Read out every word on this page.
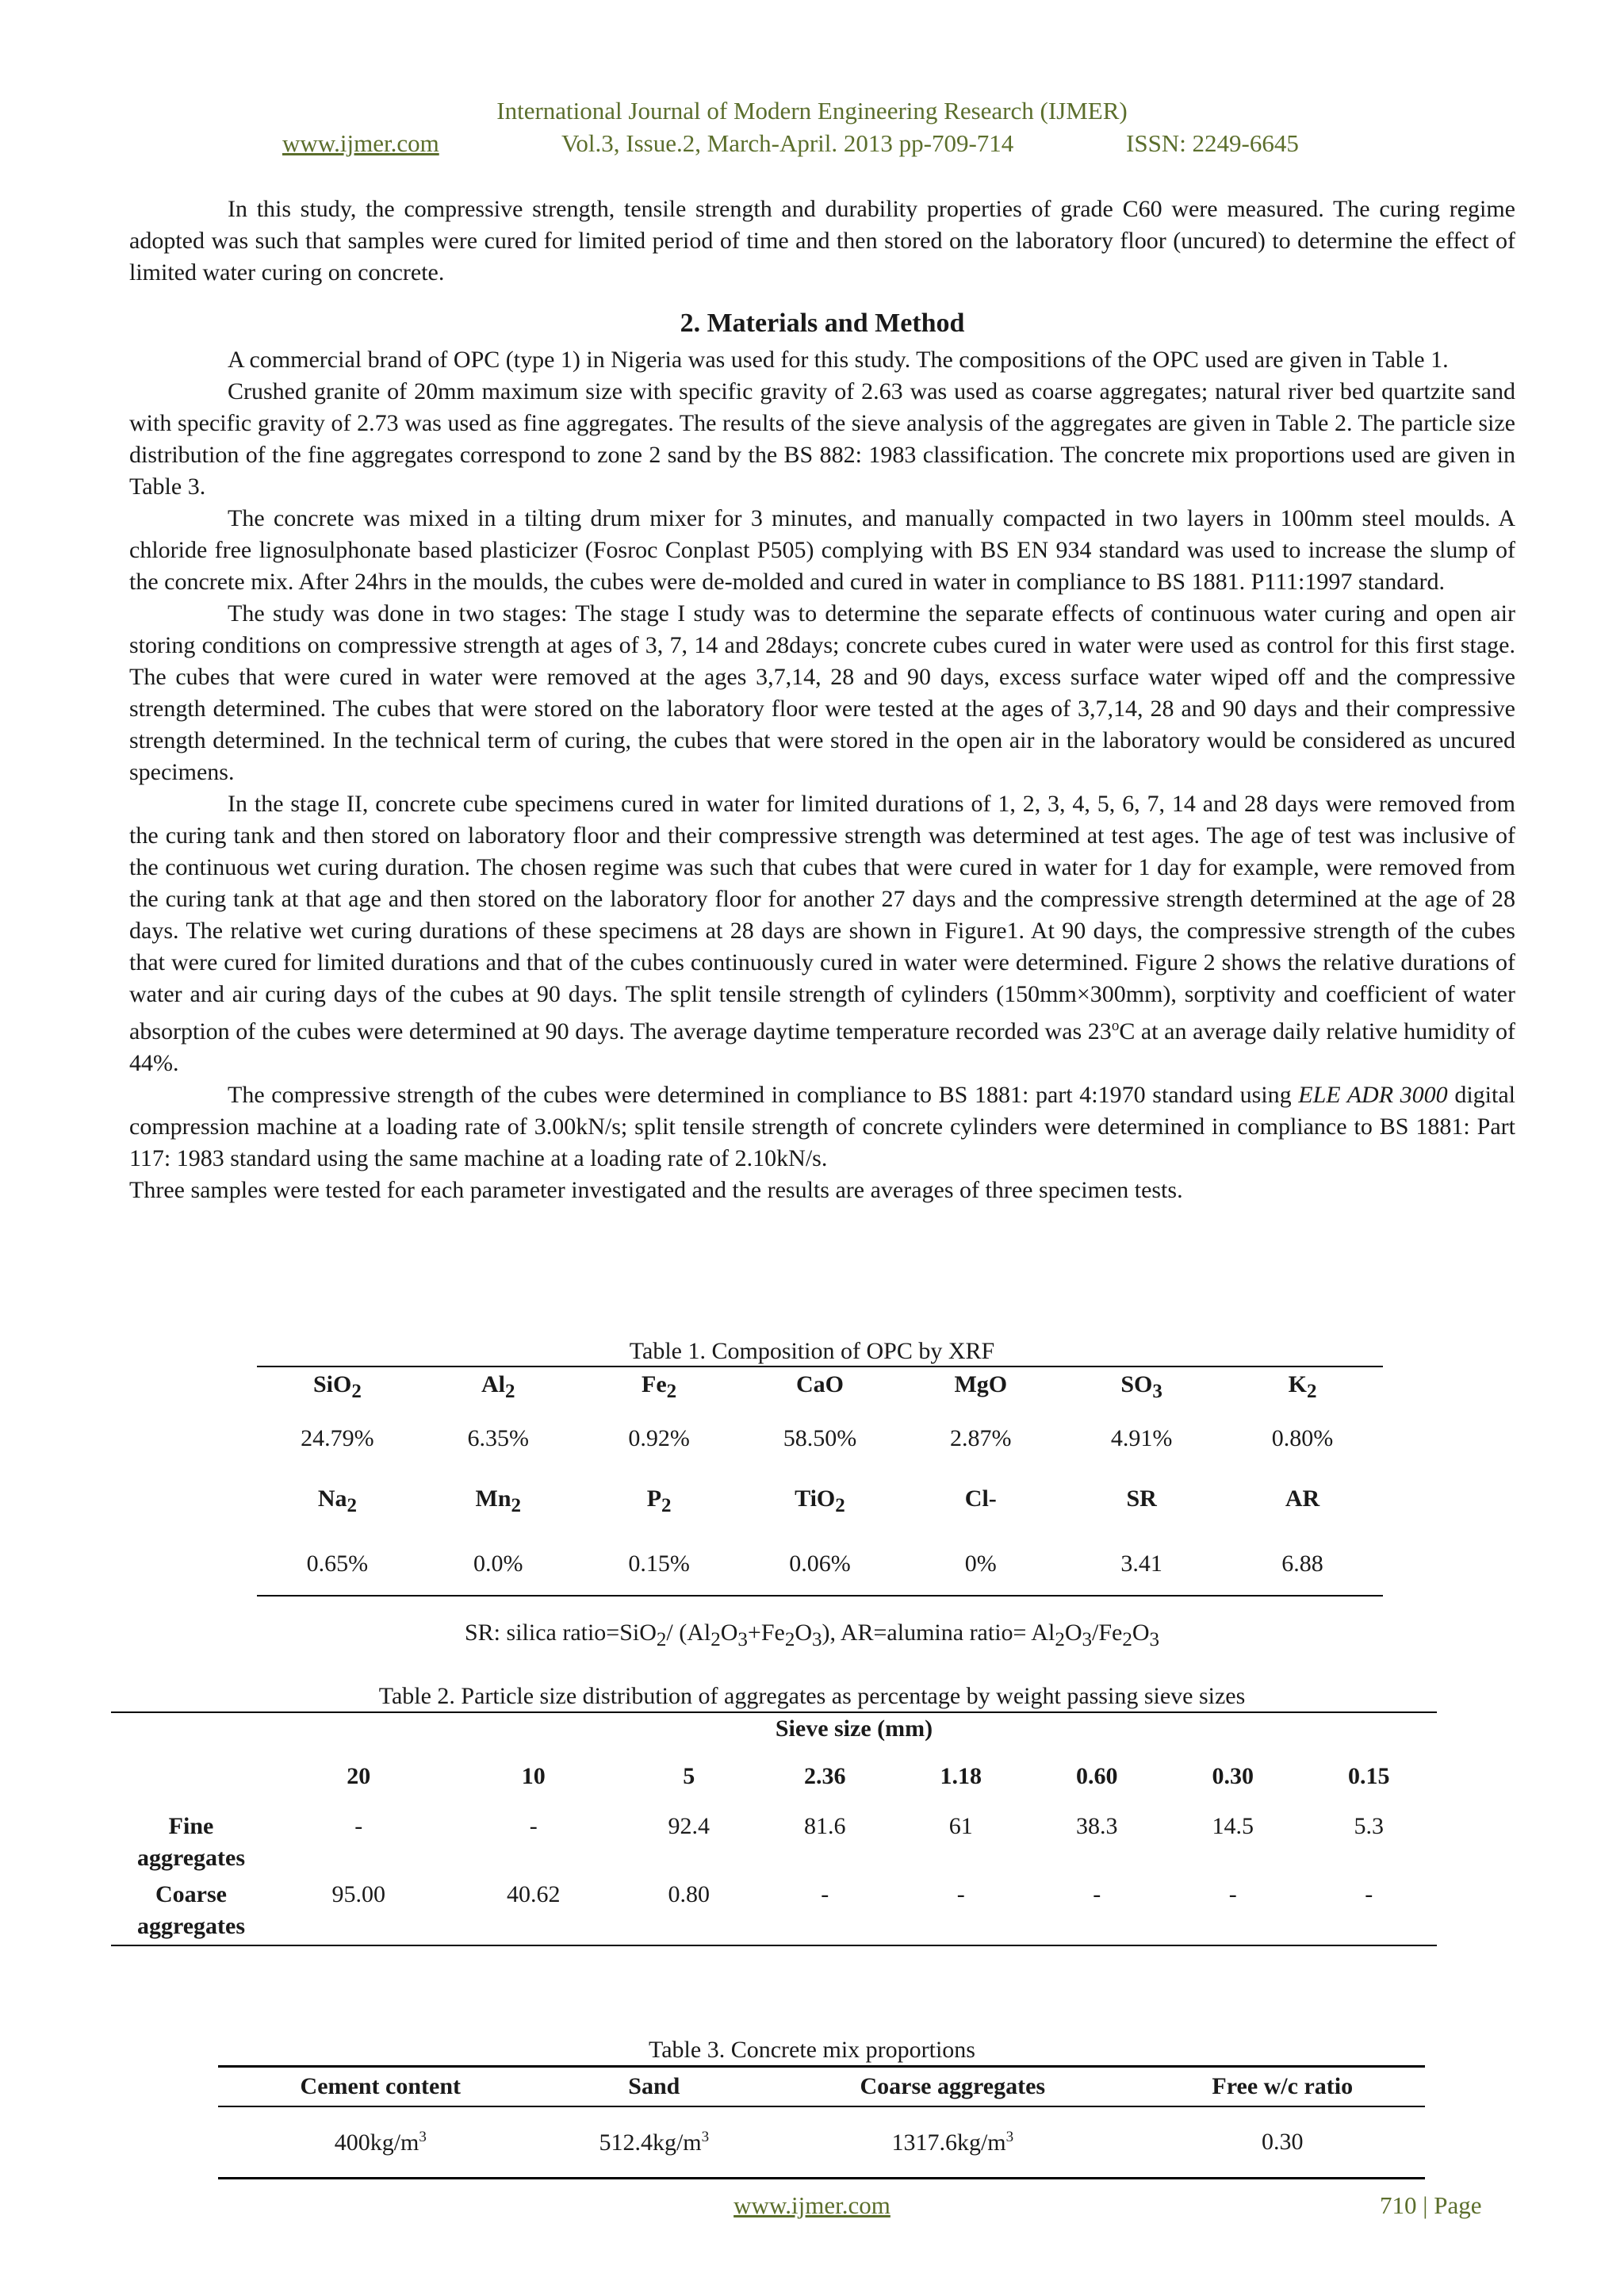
International Journal of Modern Engineering Research (IJMER)
www.ijmer.com	Vol.3, Issue.2, March-April. 2013 pp-709-714	ISSN: 2249-6645

In this study, the compressive strength, tensile strength and durability properties of grade C60 were measured. The curing regime adopted was such that samples were cured for limited period of time and then stored on the laboratory floor (uncured) to determine the effect of limited water curing on concrete.

2. Materials and Method

A commercial brand of OPC (type 1) in Nigeria was used for this study. The compositions of the OPC used are given in Table 1.

Crushed granite of 20mm maximum size with specific gravity of 2.63 was used as coarse aggregates; natural river bed quartzite sand with specific gravity of 2.73 was used as fine aggregates. The results of the sieve analysis of the aggregates are given in Table 2. The particle size distribution of the fine aggregates correspond to zone 2 sand by the BS 882: 1983 classification. The concrete mix proportions used are given in Table 3.

The concrete was mixed in a tilting drum mixer for 3 minutes, and manually compacted in two layers in 100mm steel moulds. A chloride free lignosulphonate based plasticizer (Fosroc Conplast P505) complying with BS EN 934 standard was used to increase the slump of the concrete mix. After 24hrs in the moulds, the cubes were de-molded and cured in water in compliance to BS 1881. P111:1997 standard.

The study was done in two stages: The stage I study was to determine the separate effects of continuous water curing and open air storing conditions on compressive strength at ages of 3, 7, 14 and 28days; concrete cubes cured in water were used as control for this first stage. The cubes that were cured in water were removed at the ages 3,7,14, 28 and 90 days, excess surface water wiped off and the compressive strength determined. The cubes that were stored on the laboratory floor were tested at the ages of 3,7,14, 28 and 90 days and their compressive strength determined. In the technical term of curing, the cubes that were stored in the open air in the laboratory would be considered as uncured specimens.

In the stage II, concrete cube specimens cured in water for limited durations of 1, 2, 3, 4, 5, 6, 7, 14 and 28 days were removed from the curing tank and then stored on laboratory floor and their compressive strength was determined at test ages. The age of test was inclusive of the continuous wet curing duration. The chosen regime was such that cubes that were cured in water for 1 day for example, were removed from the curing tank at that age and then stored on the laboratory floor for another 27 days and the compressive strength determined at the age of 28 days. The relative wet curing durations of these specimens at 28 days are shown in Figure1. At 90 days, the compressive strength of the cubes that were cured for limited durations and that of the cubes continuously cured in water were determined. Figure 2 shows the relative durations of water and air curing days of the cubes at 90 days. The split tensile strength of cylinders (150mm×300mm), sorptivity and coefficient of water absorption of the cubes were determined at 90 days. The average daytime temperature recorded was 23$^o$C at an average daily relative humidity of 44%.

The compressive strength of the cubes were determined in compliance to BS 1881: part 4:1970 standard using ELE ADR 3000 digital compression machine at a loading rate of 3.00kN/s; split tensile strength of concrete cylinders were determined in compliance to BS 1881: Part 117: 1983 standard using the same machine at a loading rate of 2.10kN/s.

Three samples were tested for each parameter investigated and the results are averages of three specimen tests.

Table 1. Composition of OPC by XRF
SiO$_2$	$Al_2$	$Fe_2$	CaO	MgO	$SO_3$	$K_2$
24.79%	6.35%	0.92%	58.50%	2.87%	4.91%	0.80%
$Na_2$	$Mn_2$	$P_2$	TiO$_2$	Cl-	SR	AR
0.65%	0.0%	0.15%	0.06%	0%	3.41	6.88
SR: silica ratio=SiO$_2$/ $(Al_2O_3+Fe_2O_3)$, AR=alumina ratio= $Al_2O_3/Fe_2O_3$
Table 2. Particle size distribution of aggregates as percentage by weight passing sieve sizes
	Sieve size (mm)							
	20	10	5	2.36	1.18	0.60	0.30	0.15
Fine
aggregates	-	-	92.4	81.6	61	38.3	14.5	5.3
Coarse
aggregates	95.00	40.62	0.80	-	-	-	-	-
Table 3. Concrete mix proportions
Cement content	Sand	Coarse aggregates	Free w/c ratio
$400kg/m^3$	$512.4kg/m^3$	$1317.6kg/m^3$	0.30
www.ijmer.com	710 | Page
